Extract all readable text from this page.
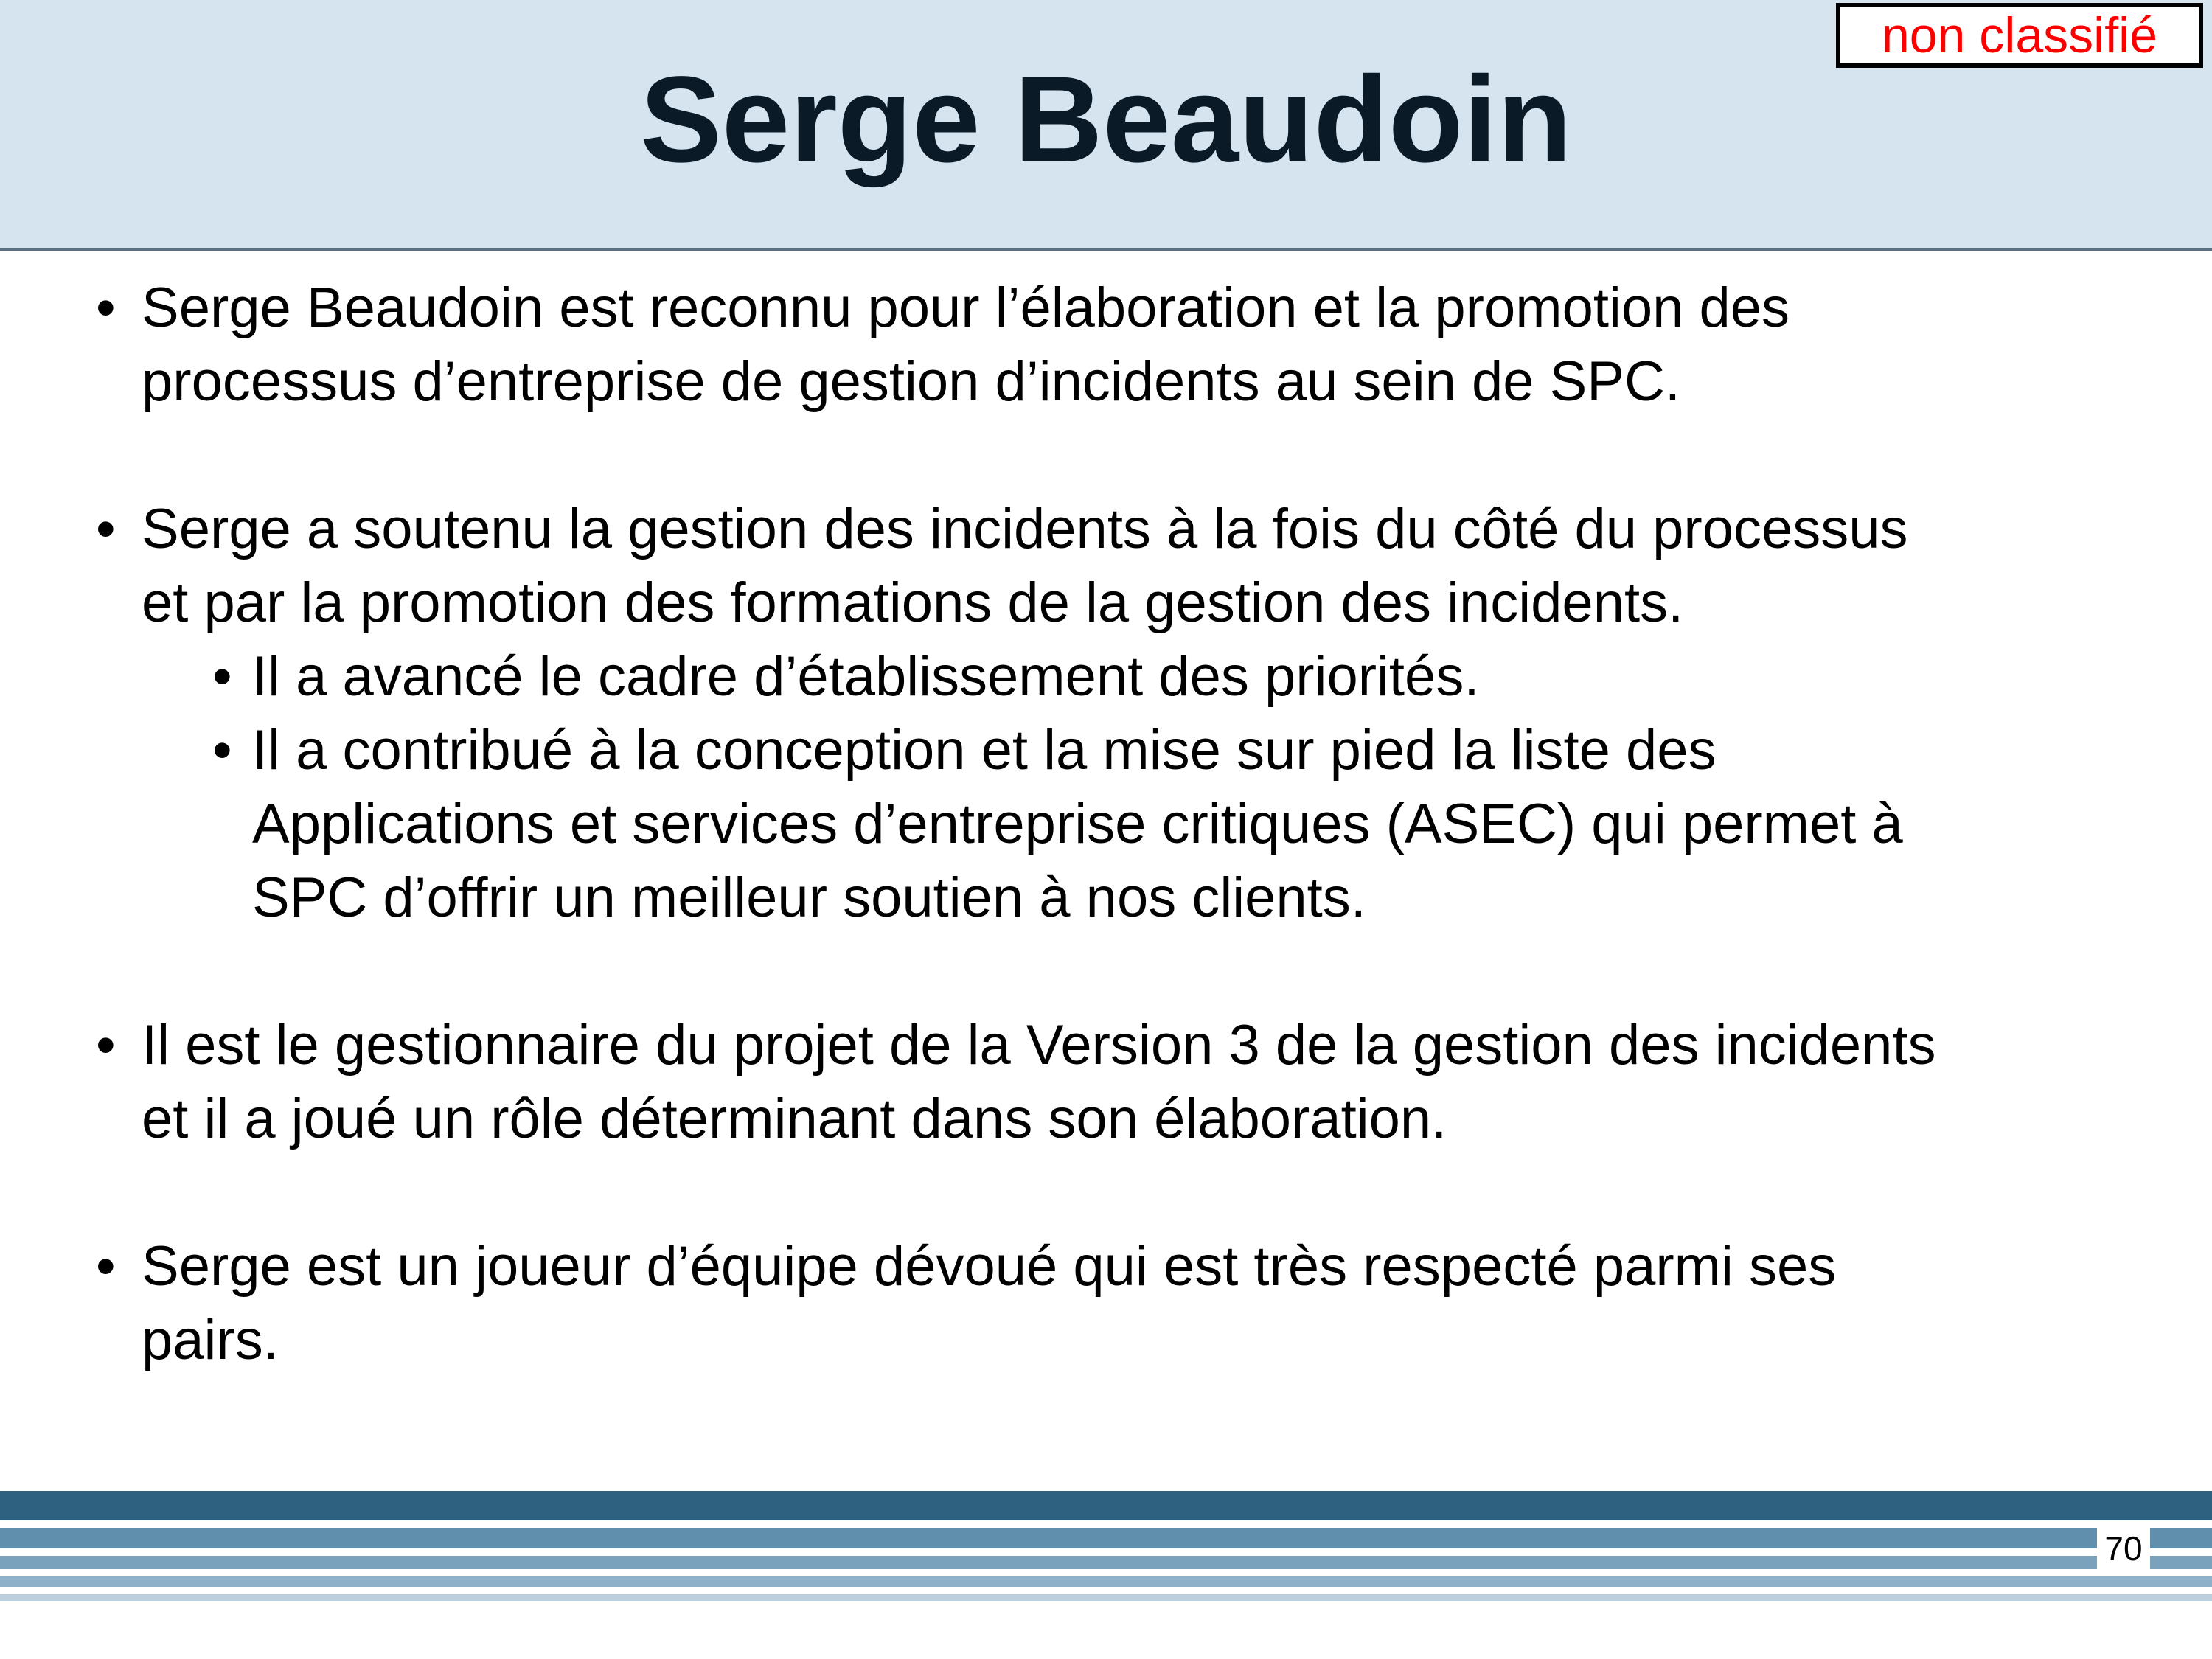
Serge Beaudoin
non classifié
• Serge Beaudoin est reconnu pour l’élaboration et la promotion des
processus d’entreprise de gestion d’incidents au sein de SPC.
• Serge a soutenu la gestion des incidents à la fois du côté du processus
et par la promotion des formations de la gestion des incidents.
• Il a avancé le cadre d’établissement des priorités.
• Il a contribué à la conception et la mise sur pied la liste des
Applications et services d’entreprise critiques (ASEC) qui permet à
SPC d’offrir un meilleur soutien à nos clients.
• Il est le gestionnaire du projet de la Version 3 de la gestion des incidents
et il a joué un rôle déterminant dans son élaboration.
• Serge est un joueur d’équipe dévoué qui est très respecté parmi ses
pairs.
70
